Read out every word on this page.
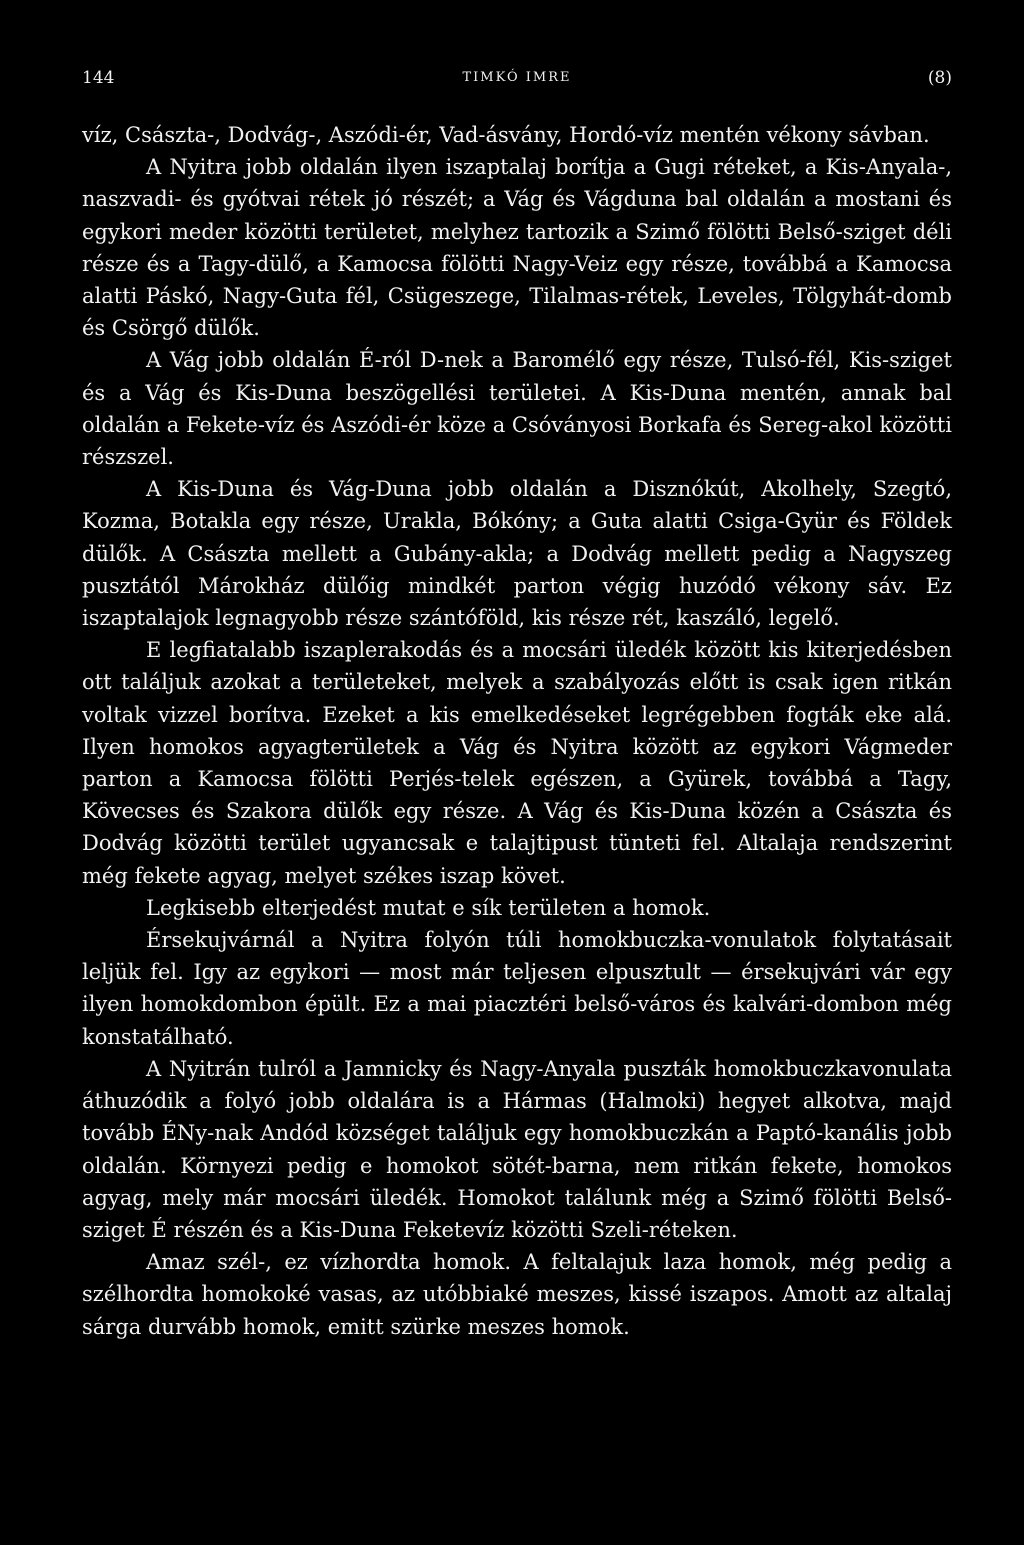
144	TIMKÓ IMRE	(8)

víz, Császta-, Dodvág-, Aszódi-ér, Vad-ásvány, Hordó-víz mentén vékony sávban.

A Nyitra jobb oldalán ilyen iszaptalaj borítja a Gugi réteket, a Kis-Anyala-, naszvadi- és gyótvai rétek jó részét; a Vág és Vágduna bal oldalán a mostani és egykori meder közötti területet, melyhez tartozik a Szimő fölötti Belső-sziget déli része és a Tagy-dülő, a Kamocsa fölötti Nagy-Veiz egy része, továbbá a Kamocsa alatti Páskó, Nagy-Guta fél, Csügeszege, Tilalmas-rétek, Leveles, Tölgyhát-domb és Csörgő dülők.

A Vág jobb oldalán É-ról D-nek a Baromélő egy része, Tulsó-fél, Kis-sziget és a Vág és Kis-Duna beszögellési területei. A Kis-Duna mentén, annak bal oldalán a Fekete-víz és Aszódi-ér köze a Csóványosi Borkafa és Sereg-akol közötti részszel.

A Kis-Duna és Vág-Duna jobb oldalán a Disznókút, Akolhely, Szegtó, Kozma, Botakla egy része, Urakla, Bókóny; a Guta alatti Csiga-Gyür és Földek dülők. A Császta mellett a Gubány-akla; a Dodvág mellett pedig a Nagyszeg pusztától Márokház dülőig mindkét parton végig huzódó vékony sáv. Ez iszaptalajok legnagyobb része szántóföld, kis része rét, kaszáló, legelő.

E legfiatalabb iszaplerakodás és a mocsári üledék között kis kiterjedésben ott találjuk azokat a területeket, melyek a szabályozás előtt is csak igen ritkán voltak vizzel borítva. Ezeket a kis emelkedéseket legrégebben fogták eke alá. Ilyen homokos agyagterületek a Vág és Nyitra között az egykori Vágmeder parton a Kamocsa fölötti Perjés-telek egészen, a Gyürek, továbbá a Tagy, Kövecses és Szakora dülők egy része. A Vág és Kis-Duna közén a Császta és Dodvág közötti terület ugyancsak e talajtipust tünteti fel. Altalaja rendszerint még fekete agyag, melyet székes iszap követ.

Legkisebb elterjedést mutat e sík területen a homok.

Érsekujvárnál a Nyitra folyón túli homokbuczka-vonulatok folytatásait leljük fel. Igy az egykori — most már teljesen elpusztult — érsekujvári vár egy ilyen homokdombon épült. Ez a mai piacztéri belső-város és kalvári-dombon még konstatálható.

A Nyitrán tulról a Jamnicky és Nagy-Anyala puszták homokbuczkavonulata áthuzódik a folyó jobb oldalára is a Hármas (Halmoki) hegyet alkotva, majd tovább ÉNy-nak Andód községet találjuk egy homokbuczkán a Paptó-kanális jobb oldalán. Környezi pedig e homokot sötét-barna, nem ritkán fekete, homokos agyag, mely már mocsári üledék. Homokot találunk még a Szimő fölötti Belső-sziget É részén és a Kis-Duna Feketevíz közötti Szeli-réteken.

Amaz szél-, ez vízhordta homok. A feltalajuk laza homok, még pedig a szélhordta homokoké vasas, az utóbbiaké meszes, kissé iszapos. Amott az altalaj sárga durvább homok, emitt szürke meszes homok.
